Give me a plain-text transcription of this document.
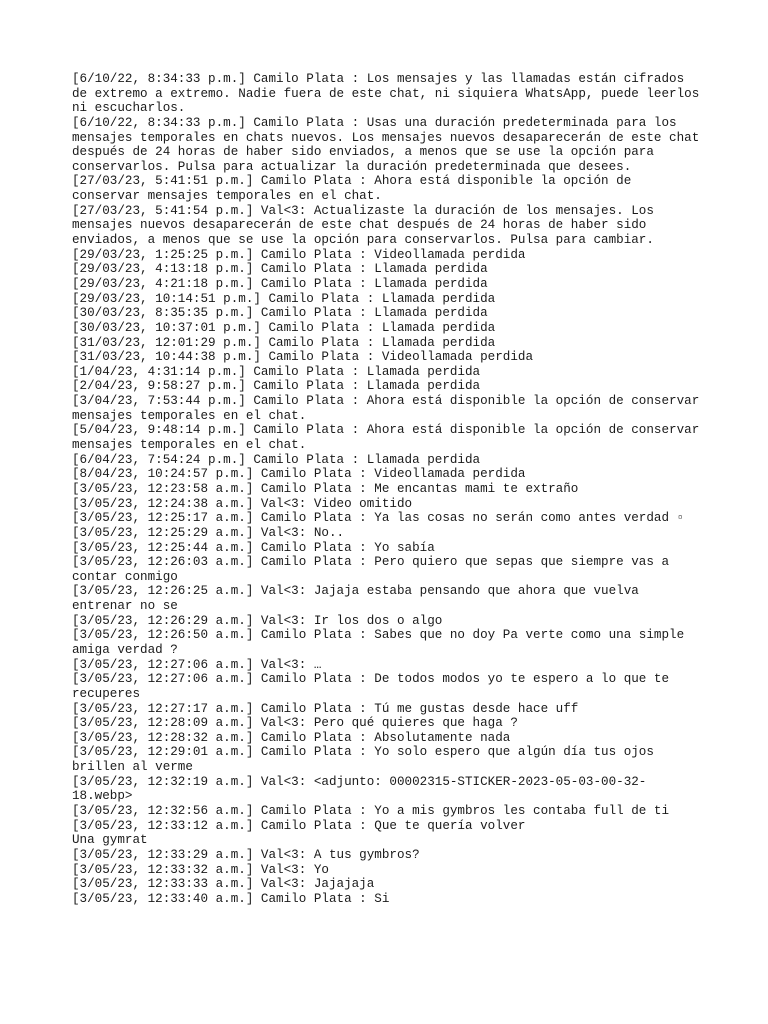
[6/10/22, 8:34:33 p.m.] Camilo Plata : Los mensajes y las llamadas están cifrados
de extremo a extremo. Nadie fuera de este chat, ni siquiera WhatsApp, puede leerlos
ni escucharlos.
[6/10/22, 8:34:33 p.m.] Camilo Plata : Usas una duración predeterminada para los
mensajes temporales en chats nuevos. Los mensajes nuevos desaparecerán de este chat
después de 24 horas de haber sido enviados, a menos que se use la opción para
conservarlos. Pulsa para actualizar la duración predeterminada que desees.
[27/03/23, 5:41:51 p.m.] Camilo Plata : Ahora está disponible la opción de
conservar mensajes temporales en el chat.
[27/03/23, 5:41:54 p.m.] Val<3: Actualizaste la duración de los mensajes. Los
mensajes nuevos desaparecerán de este chat después de 24 horas de haber sido
enviados, a menos que se use la opción para conservarlos. Pulsa para cambiar.
[29/03/23, 1:25:25 p.m.] Camilo Plata : Videollamada perdida
[29/03/23, 4:13:18 p.m.] Camilo Plata : Llamada perdida
[29/03/23, 4:21:18 p.m.] Camilo Plata : Llamada perdida
[29/03/23, 10:14:51 p.m.] Camilo Plata : Llamada perdida
[30/03/23, 8:35:35 p.m.] Camilo Plata : Llamada perdida
[30/03/23, 10:37:01 p.m.] Camilo Plata : Llamada perdida
[31/03/23, 12:01:29 p.m.] Camilo Plata : Llamada perdida
[31/03/23, 10:44:38 p.m.] Camilo Plata : Videollamada perdida
[1/04/23, 4:31:14 p.m.] Camilo Plata : Llamada perdida
[2/04/23, 9:58:27 p.m.] Camilo Plata : Llamada perdida
[3/04/23, 7:53:44 p.m.] Camilo Plata : Ahora está disponible la opción de conservar
mensajes temporales en el chat.
[5/04/23, 9:48:14 p.m.] Camilo Plata : Ahora está disponible la opción de conservar
mensajes temporales en el chat.
[6/04/23, 7:54:24 p.m.] Camilo Plata : Llamada perdida
[8/04/23, 10:24:57 p.m.] Camilo Plata : Videollamada perdida
[3/05/23, 12:23:58 a.m.] Camilo Plata : Me encantas mami te extraño
[3/05/23, 12:24:38 a.m.] Val<3: Video omitido
[3/05/23, 12:25:17 a.m.] Camilo Plata : Ya las cosas no serán como antes verdad ▫
[3/05/23, 12:25:29 a.m.] Val<3: No..
[3/05/23, 12:25:44 a.m.] Camilo Plata : Yo sabía
[3/05/23, 12:26:03 a.m.] Camilo Plata : Pero quiero que sepas que siempre vas a
contar conmigo
[3/05/23, 12:26:25 a.m.] Val<3: Jajaja estaba pensando que ahora que vuelva
entrenar no se
[3/05/23, 12:26:29 a.m.] Val<3: Ir los dos o algo
[3/05/23, 12:26:50 a.m.] Camilo Plata : Sabes que no doy Pa verte como una simple
amiga verdad ?
[3/05/23, 12:27:06 a.m.] Val<3: …
[3/05/23, 12:27:06 a.m.] Camilo Plata : De todos modos yo te espero a lo que te
recuperes
[3/05/23, 12:27:17 a.m.] Camilo Plata : Tú me gustas desde hace uff
[3/05/23, 12:28:09 a.m.] Val<3: Pero qué quieres que haga ?
[3/05/23, 12:28:32 a.m.] Camilo Plata : Absolutamente nada
[3/05/23, 12:29:01 a.m.] Camilo Plata : Yo solo espero que algún día tus ojos
brillen al verme
[3/05/23, 12:32:19 a.m.] Val<3: <adjunto: 00002315-STICKER-2023-05-03-00-32-
18.webp>
[3/05/23, 12:32:56 a.m.] Camilo Plata : Yo a mis gymbros les contaba full de ti
[3/05/23, 12:33:12 a.m.] Camilo Plata : Que te quería volver
Una gymrat
[3/05/23, 12:33:29 a.m.] Val<3: A tus gymbros?
[3/05/23, 12:33:32 a.m.] Val<3: Yo
[3/05/23, 12:33:33 a.m.] Val<3: Jajajaja
[3/05/23, 12:33:40 a.m.] Camilo Plata : Si
